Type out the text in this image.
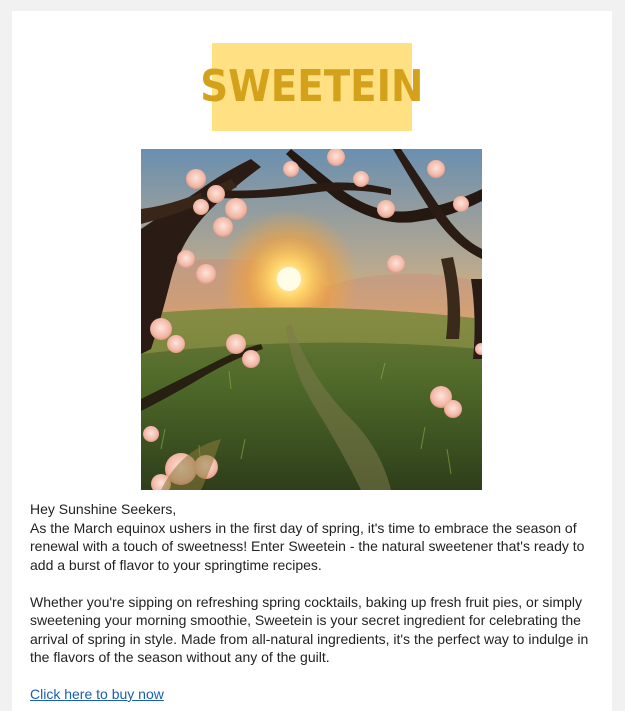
SWEETEIN

Hey Sunshine Seekers,

As the March equinox ushers in the first day of spring, it's time to embrace the season of renewal with a touch of sweetness! Enter Sweetein - the natural sweetener that's ready to add a burst of flavor to your springtime recipes.

Whether you're sipping on refreshing spring cocktails, baking up fresh fruit pies, or simply sweetening your morning smoothie, Sweetein is your secret ingredient for celebrating the arrival of spring in style. Made from all-natural ingredients, it's the perfect way to indulge in the flavors of the season without any of the guilt.

Click here to buy now
